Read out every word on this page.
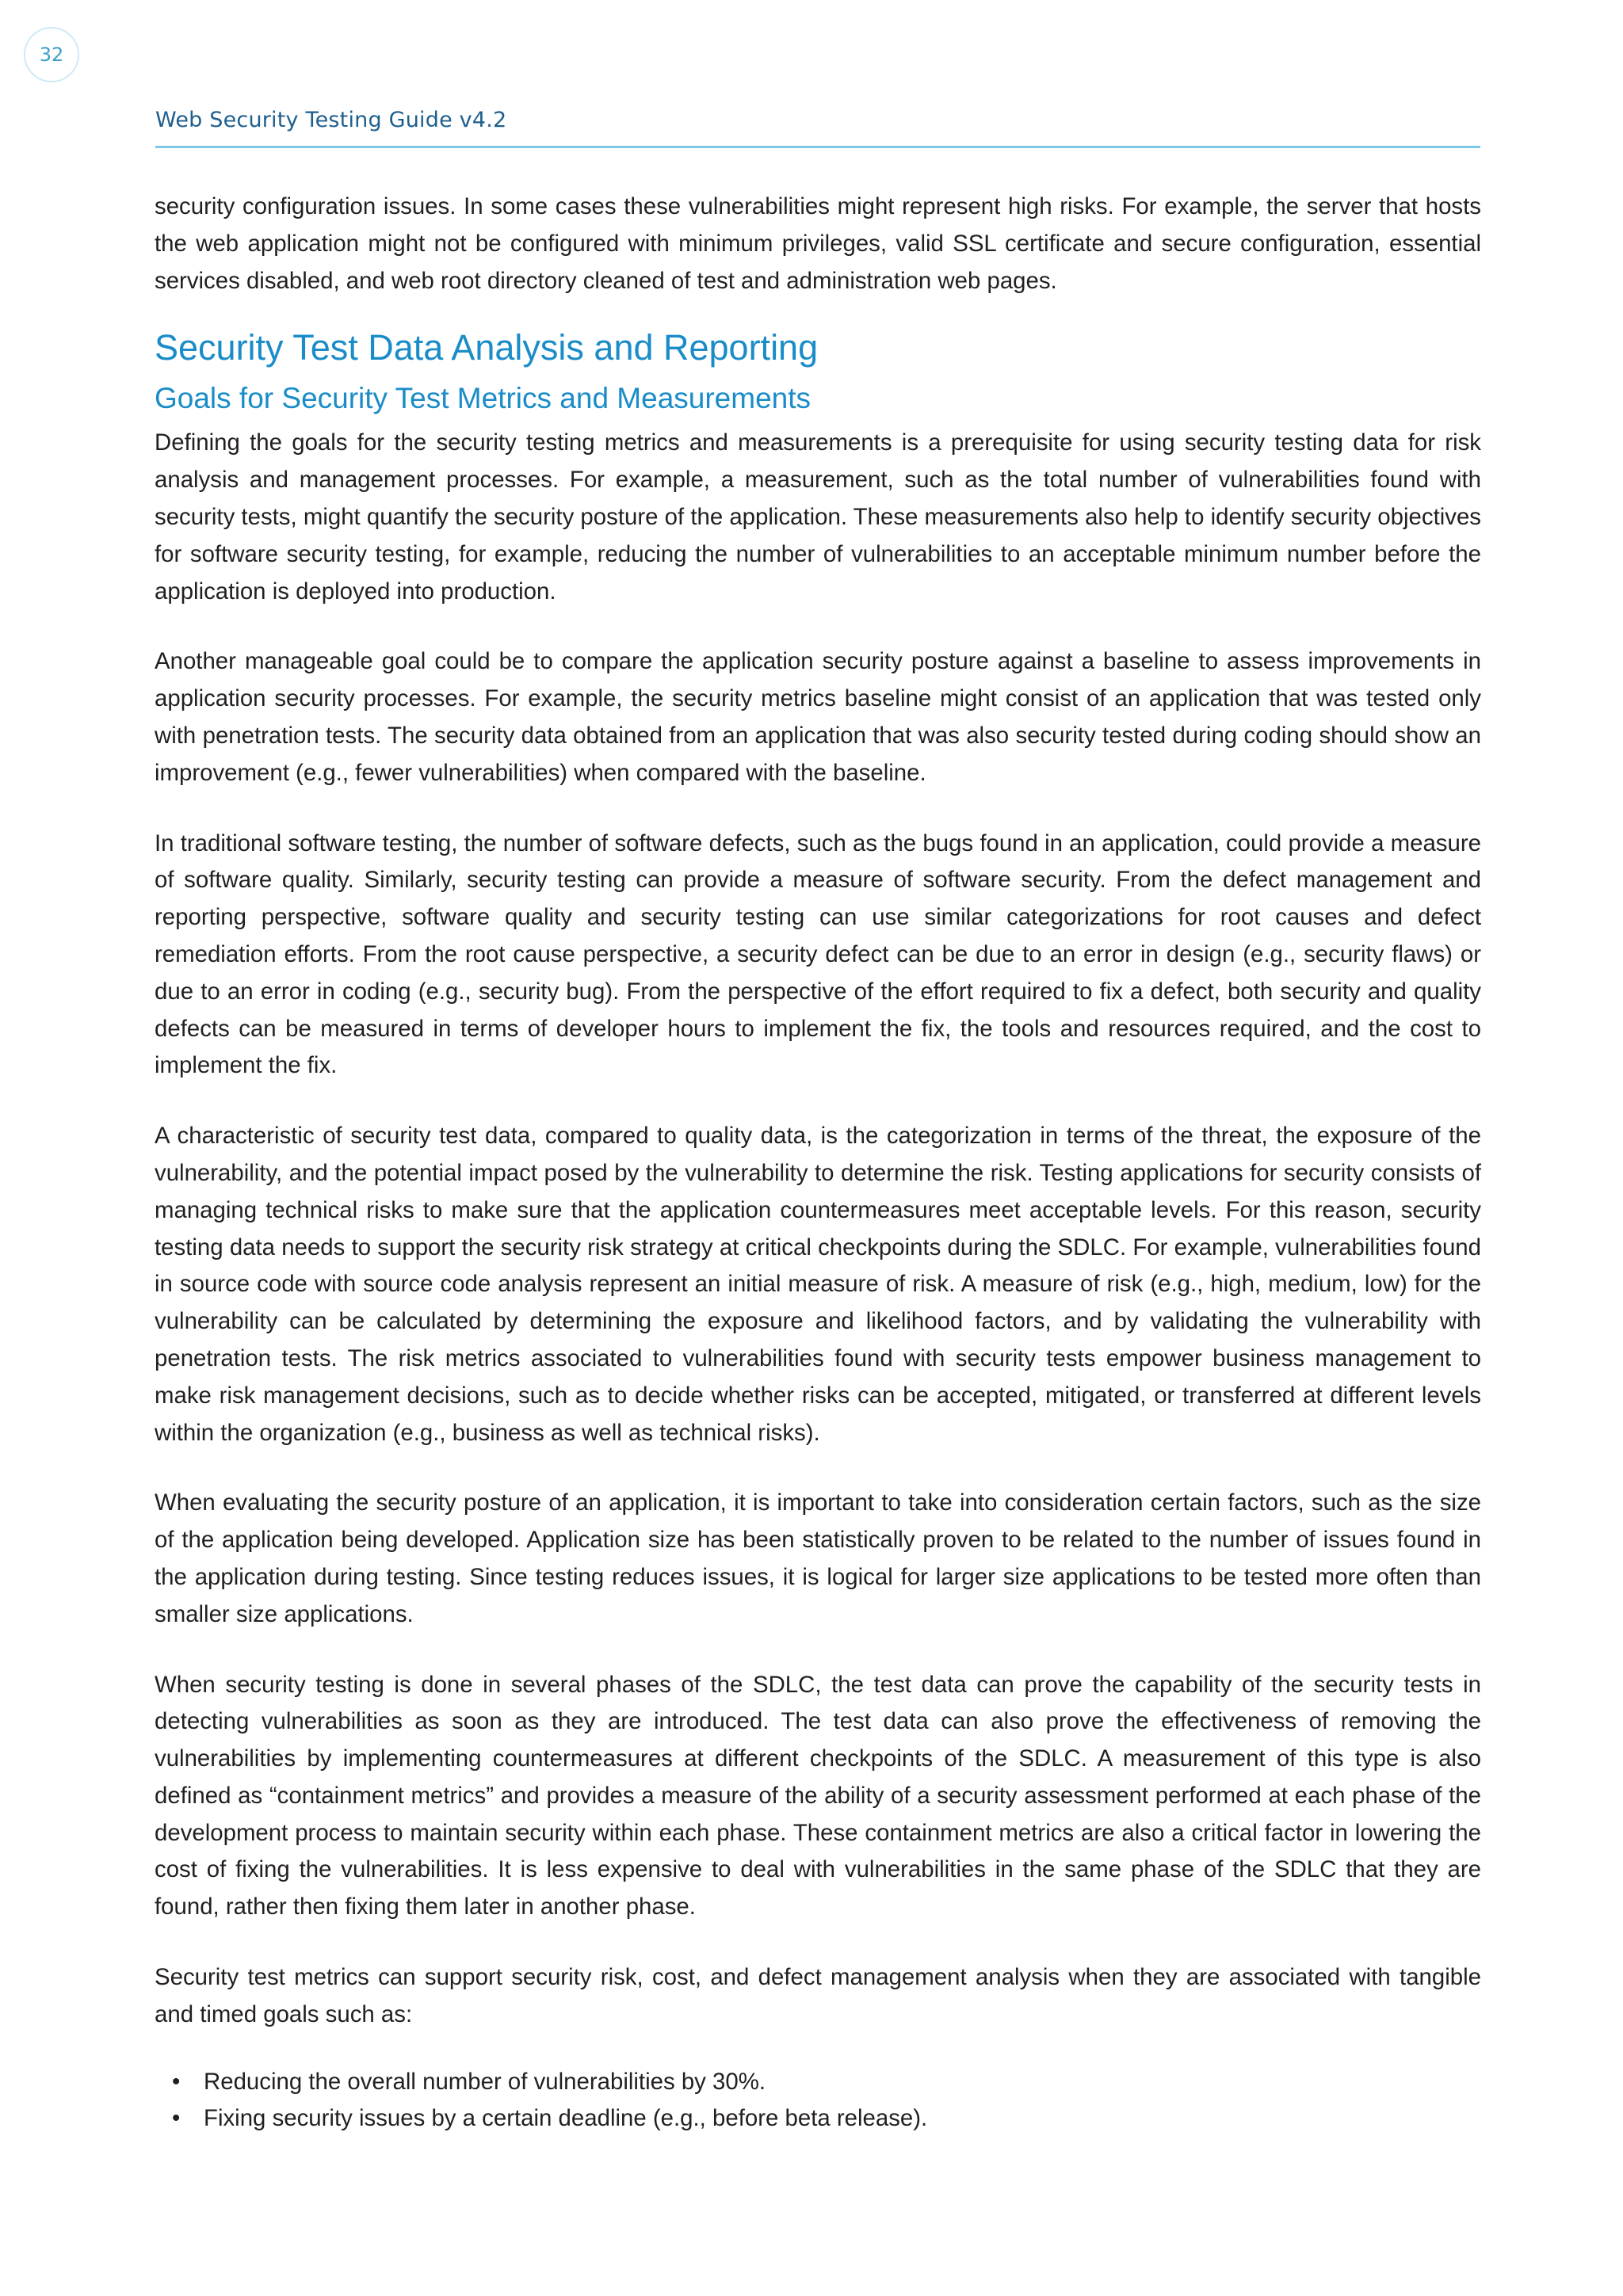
32
Web Security Testing Guide v4.2

security configuration issues. In some cases these vulnerabilities might represent high risks. For example, the server that hosts the web application might not be configured with minimum privileges, valid SSL certificate and secure configuration, essential services disabled, and web root directory cleaned of test and administration web pages.

Security Test Data Analysis and Reporting
Goals for Security Test Metrics and Measurements

Defining the goals for the security testing metrics and measurements is a prerequisite for using security testing data for risk analysis and management processes. For example, a measurement, such as the total number of vulnerabilities found with security tests, might quantify the security posture of the application. These measurements also help to identify security objectives for software security testing, for example, reducing the number of vulnerabilities to an acceptable minimum number before the application is deployed into production.

Another manageable goal could be to compare the application security posture against a baseline to assess improvements in application security processes. For example, the security metrics baseline might consist of an application that was tested only with penetration tests. The security data obtained from an application that was also security tested during coding should show an improvement (e.g., fewer vulnerabilities) when compared with the baseline.

In traditional software testing, the number of software defects, such as the bugs found in an application, could provide a measure of software quality. Similarly, security testing can provide a measure of software security. From the defect management and reporting perspective, software quality and security testing can use similar categorizations for root causes and defect remediation efforts. From the root cause perspective, a security defect can be due to an error in design (e.g., security flaws) or due to an error in coding (e.g., security bug). From the perspective of the effort required to fix a defect, both security and quality defects can be measured in terms of developer hours to implement the fix, the tools and resources required, and the cost to implement the fix.

A characteristic of security test data, compared to quality data, is the categorization in terms of the threat, the exposure of the vulnerability, and the potential impact posed by the vulnerability to determine the risk. Testing applications for security consists of managing technical risks to make sure that the application countermeasures meet acceptable levels. For this reason, security testing data needs to support the security risk strategy at critical checkpoints during the SDLC. For example, vulnerabilities found in source code with source code analysis represent an initial measure of risk. A measure of risk (e.g., high, medium, low) for the vulnerability can be calculated by determining the exposure and likelihood factors, and by validating the vulnerability with penetration tests. The risk metrics associated to vulnerabilities found with security tests empower business management to make risk management decisions, such as to decide whether risks can be accepted, mitigated, or transferred at different levels within the organization (e.g., business as well as technical risks).

When evaluating the security posture of an application, it is important to take into consideration certain factors, such as the size of the application being developed. Application size has been statistically proven to be related to the number of issues found in the application during testing. Since testing reduces issues, it is logical for larger size applications to be tested more often than smaller size applications.

When security testing is done in several phases of the SDLC, the test data can prove the capability of the security tests in detecting vulnerabilities as soon as they are introduced. The test data can also prove the effectiveness of removing the vulnerabilities by implementing countermeasures at different checkpoints of the SDLC. A measurement of this type is also defined as “containment metrics” and provides a measure of the ability of a security assessment performed at each phase of the development process to maintain security within each phase. These containment metrics are also a critical factor in lowering the cost of fixing the vulnerabilities. It is less expensive to deal with vulnerabilities in the same phase of the SDLC that they are found, rather then fixing them later in another phase.

Security test metrics can support security risk, cost, and defect management analysis when they are associated with tangible and timed goals such as:

• Reducing the overall number of vulnerabilities by 30%.
• Fixing security issues by a certain deadline (e.g., before beta release).
